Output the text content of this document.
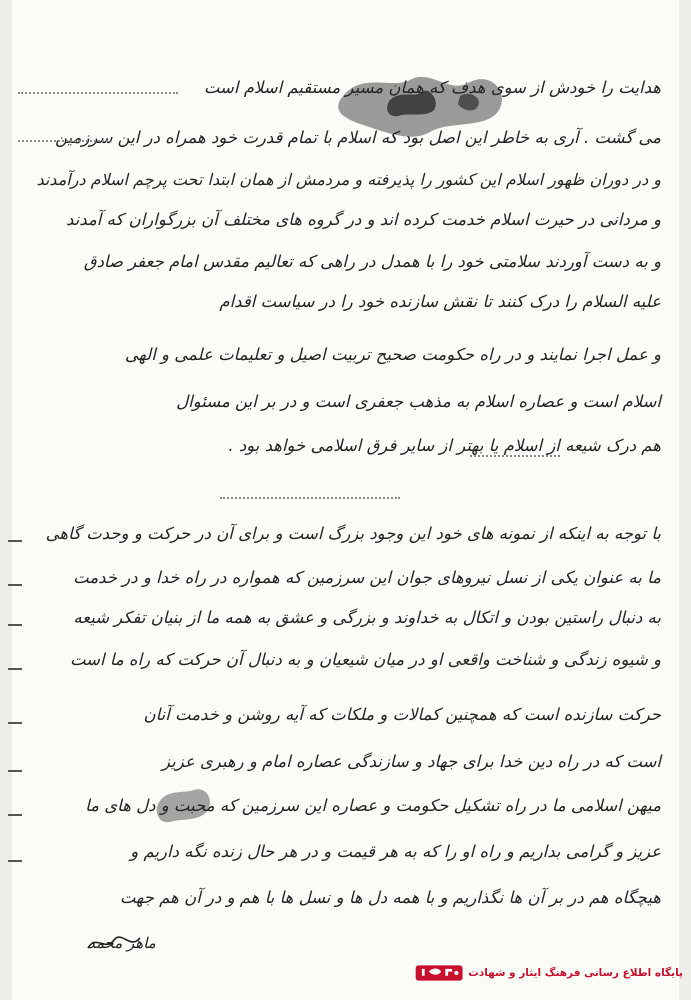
هدایت را خودش از سوی هدف که همان مسیر مستقیم اسلام است
می گشت . آری به خاطر این اصل بود که اسلام با تمام قدرت خود همراه در این سرزمین
و در دوران ظهور اسلام این کشور را پذیرفته و مردمش از همان ابتدا تحت پرچم اسلام درآمدند
و مردانی در حیرت اسلام خدمت کرده اند و در گروه های مختلف آن بزرگواران که آمدند
و به دست آوردند سلامتی خود را با همدل در راهی که تعالیم مقدس امام جعفر صادق
علیه السلام را درک کنند تا نقش سازنده خود را در سیاست اقدام
و عمل اجرا نمایند و در راه حکومت صحیح تربیت اصیل و تعلیمات علمی و الهی
اسلام است و عصاره اسلام به مذهب جعفری است و در بر این مسئوال
هم درک شیعه از اسلام یا بهتر از سایر فرق اسلامی خواهد بود .
با توجه به اینکه از نمونه های خود این وجود بزرگ است و برای آن در حرکت و وحدت گاهی
ما به عنوان یکی از نسل نیروهای جوان این سرزمین که همواره در راه خدا و در خدمت
به دنبال راستین بودن و اتکال به خداوند و بزرگی و عشق به همه ما از بنیان تفکر شیعه
و شیوه زندگی و شناخت واقعی او در میان شیعیان و به دنبال آن حرکت که راه ما است
حرکت سازنده است که همچنین کمالات و ملکات که آیه روشن و خدمت آنان
است که در راه دین خدا برای جهاد و سازندگی عصاره امام و رهبری عزیز
میهن اسلامی ما در راه تشکیل حکومت و عصاره این سرزمین که محبت و دل های ما
عزیز و گرامی بداریم و راه او را که به هر قیمت و در هر حال زنده نگه داریم و
هیچگاه هم در بر آن ها نگذاریم و با همه دل ها و نسل ها با هم و در آن هم جهت
ماهر محمد
پایگاه اطلاع رسانی فرهنگ ایثار و شهادت
